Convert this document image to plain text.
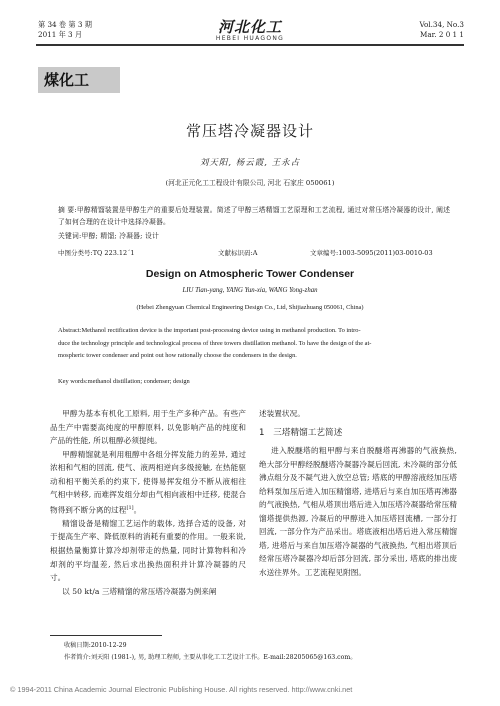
第 34 卷 第 3 期
2011 年 3 月	河北化工
HEBEI HUAGONG
Vol.34, No.3
Mar. 2 0 1 1
煤化工
常压塔冷凝器设计
刘天阳, 杨云霞, 王永占
(河北正元化工工程设计有限公司, 河北 石家庄 050061)
摘 要:甲醇精馏装置是甲醇生产的重要后处理装置。简述了甲醇三塔精馏工艺原理和工艺流程, 通过对常压塔冷凝器的设计, 阐述了如何合理的在设计中选择冷凝器。
关键词:甲醇; 精馏; 冷凝器; 设计
中图分类号:TQ 223.12´1	文献标识码:A	文章编号:1003-5095(2011)03-0010-03
Design on Atmospheric Tower Condenser
LIU Tian-yang, YANG Yun-xia, WANG Yong-zhan
(Hebei Zhengyuan Chemical Engineering Design Co., Ltd, Shijiazhuang 050061, China)
Abstract:Methanol rectification device is the important post-processing device using in methanol production. To intro-
duce the technology principle and technological process of three towers distillation methanol. To have the design of the at-
mospheric tower condenser and point out how rationally choose the condensers in the design.
Key words:methanol distillation; condenser; design

甲醇为基本有机化工原料, 用于生产多种产品。有些产品生产中需要高纯度的甲醇原料, 以免影响产品的纯度和产品的性能, 所以粗醇必须提纯。

甲醇精馏就是利用粗醇中各组分挥发能力的差异, 通过浓相和气相的回流, 使气、液两相逆向多级接触, 在热能驱动和相平衡关系的约束下, 使得易挥发组分不断从液相往气相中转移, 而难挥发组分却由气相向液相中迁移, 使混合物得到不断分离的过程[1]。

精馏设备是精馏工艺运作的载体, 选择合适的设备, 对于提高生产率、降低原料的消耗有重要的作用。一般来说, 根据热量衡算计算冷却剂带走的热量, 同时计算物料和冷却剂的平均温差, 然后求出换热面积并计算冷凝器的尺寸。

以 50 kt/a 三塔精馏的常压塔冷凝器为例来阐

述装置状况。
1  三塔精馏工艺简述

进入脱醚塔的粗甲醇与来自脱醚塔再沸器的气液换热, 绝大部分甲醇经脱醚塔冷凝器冷凝后回流, 未冷凝的部分低沸点组分及不凝气进入放空总管; 塔底的甲醇溶液经加压塔给料泵加压后进入加压精馏塔, 进塔后与来自加压塔再沸器的气液换热, 气相从塔顶出塔后进入加压塔冷凝器给常压精馏塔提供热源, 冷凝后的甲醇进入加压塔回流槽, 一部分打回流, 一部分作为产品采出。塔底液相出塔后进入常压精馏塔, 进塔后与来自加压塔冷凝器的气液换热, 气相出塔顶后经常压塔冷凝器冷却后部分回流, 部分采出, 塔底的排出废水送往界外。工艺流程见附图。

收稿日期:2010-12-29
作者简介:刘天阳 (1981-), 男, 助理工程师, 主要从事化工工艺设计工作。E-mail:28205065@163.com。
© 1994-2011 China Academic Journal Electronic Publishing House. All rights reserved. http://www.cnki.net
